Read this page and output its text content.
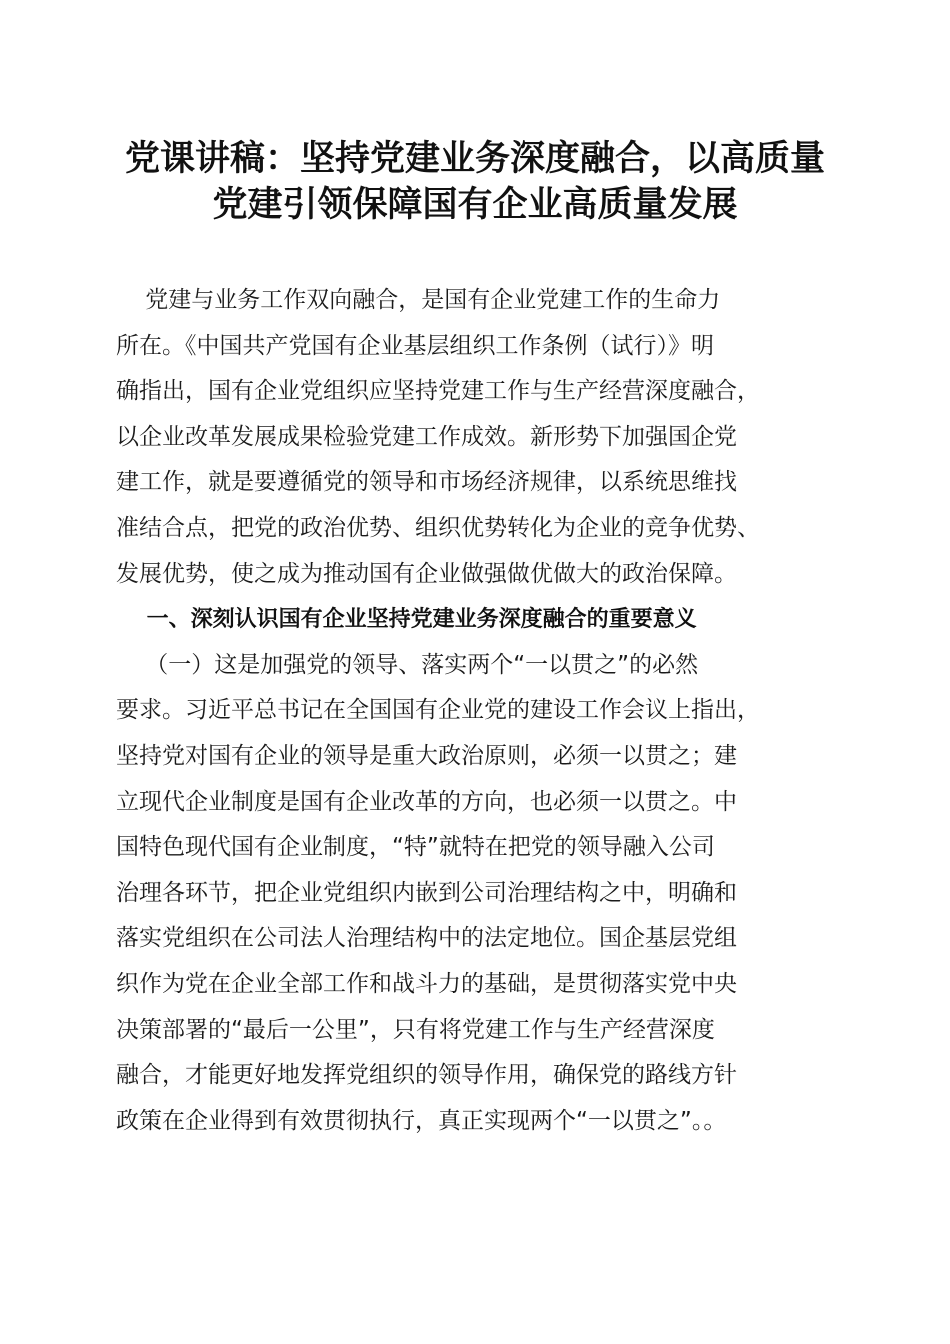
党课讲稿：坚持党建业务深度融合，以高质量
党建引领保障国有企业高质量发展
党建与业务工作双向融合，是国有企业党建工作的生命力
所在。《中国共产党国有企业基层组织工作条例（试行）》明
确指出，国有企业党组织应坚持党建工作与生产经营深度融合，
以企业改革发展成果检验党建工作成效。新形势下加强国企党
建工作，就是要遵循党的领导和市场经济规律，以系统思维找
准结合点，把党的政治优势、组织优势转化为企业的竞争优势、
发展优势，使之成为推动国有企业做强做优做大的政治保障。
一、深刻认识国有企业坚持党建业务深度融合的重要意义
（一）这是加强党的领导、落实两个“一以贯之”的必然
要求。习近平总书记在全国国有企业党的建设工作会议上指出，
坚持党对国有企业的领导是重大政治原则，必须一以贯之；建
立现代企业制度是国有企业改革的方向，也必须一以贯之。中
国特色现代国有企业制度，“特”就特在把党的领导融入公司
治理各环节，把企业党组织内嵌到公司治理结构之中，明确和
落实党组织在公司法人治理结构中的法定地位。国企基层党组
织作为党在企业全部工作和战斗力的基础，是贯彻落实党中央
决策部署的“最后一公里”，只有将党建工作与生产经营深度
融合，才能更好地发挥党组织的领导作用，确保党的路线方针
政策在企业得到有效贯彻执行，真正实现两个“一以贯之”。。
